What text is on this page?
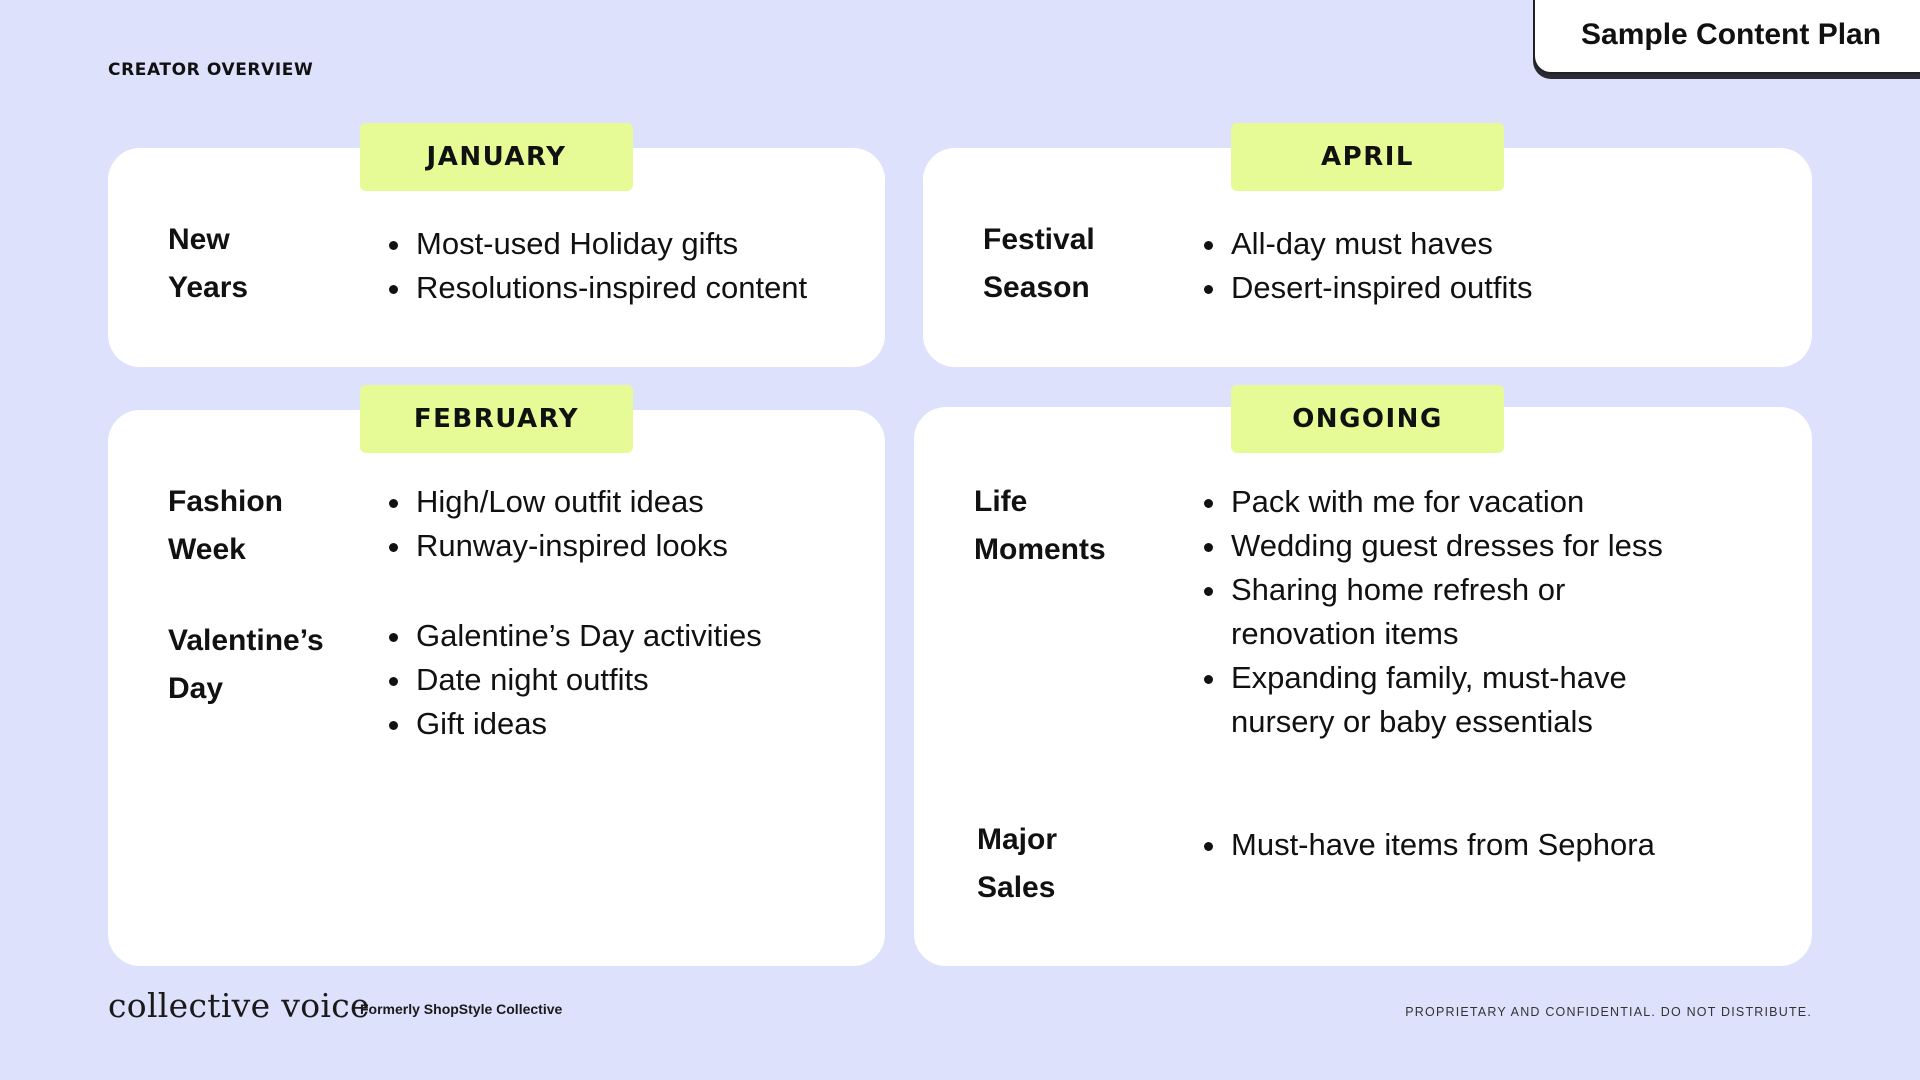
CREATOR OVERVIEW
Sample Content Plan
JANUARY
New
Years
Most-used Holiday gifts
Resolutions-inspired content
APRIL
Festival
Season
All-day must haves
Desert-inspired outfits
FEBRUARY
Fashion
Week
High/Low outfit ideas
Runway-inspired looks
Valentine’s
Day
Galentine’s Day activities
Date night outfits
Gift ideas
ONGOING
Life
Moments
Pack with me for vacation
Wedding guest dresses for less
Sharing home refresh or
renovation items
Expanding family, must-have
nursery or baby essentials
Major
Sales
Must-have items from Sephora
collective voice
Formerly ShopStyle Collective	PROPRIETARY AND CONFIDENTIAL. DO NOT DISTRIBUTE.
